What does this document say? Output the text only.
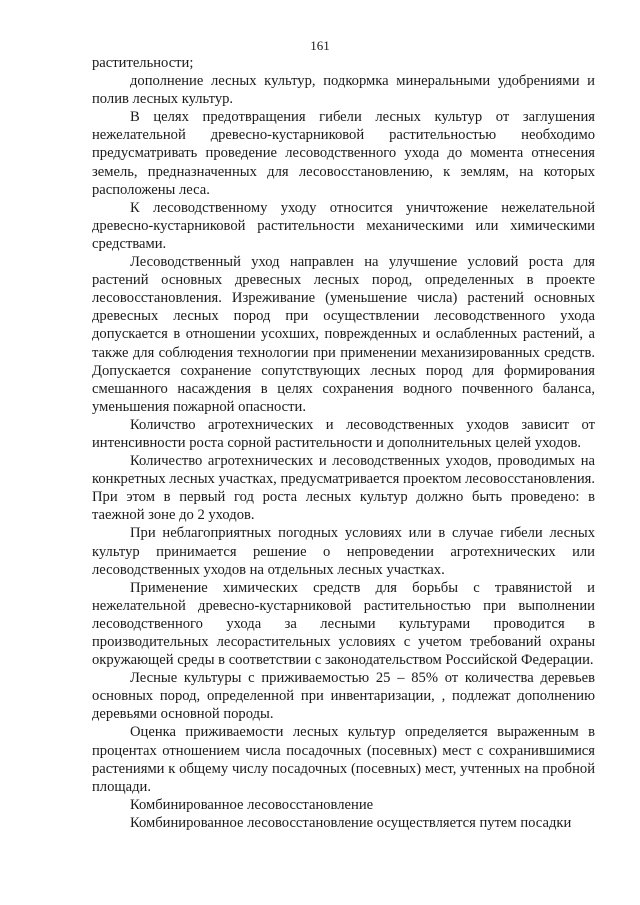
161

растительности;

дополнение лесных культур, подкормка минеральными удобрениями и полив лесных культур.

В целях предотвращения гибели лесных культур от заглушения нежелательной древесно-кустарниковой растительностью необходимо предусматривать проведение лесоводственного ухода до момента отнесения земель, предназначенных для лесовосстановлению, к землям, на которых расположены леса.

К лесоводственному уходу относится уничтожение нежелательной древесно-кустарниковой растительности механическими или химическими средствами.

Лесоводственный уход направлен на улучшение условий роста для растений основных древесных лесных пород, определенных в проекте лесовосстановления. Изреживание (уменьшение числа) растений основных древесных лесных пород при осуществлении лесоводственного ухода допускается в отношении усохших, поврежденных и ослабленных растений, а также для соблюдения технологии при применении механизированных средств. Допускается сохранение сопутствующих лесных пород для формирования смешанного насаждения в целях сохранения водного почвенного баланса, уменьшения пожарной опасности.

Количство агротехнических и лесоводственных уходов зависит от интенсивности роста сорной растительности и дополнительных целей уходов.

Количество агротехнических и лесоводственных уходов, проводимых на конкретных лесных участках, предусматривается проектом лесовосстановления. При этом в первый год роста лесных культур должно быть проведено: в таежной зоне до 2 уходов.

При неблагоприятных погодных условиях или в случае гибели лесных культур принимается решение о непроведении агротехнических или лесоводственных уходов на отдельных лесных участках.

Применение химических средств для борьбы с травянистой и нежелательной древесно-кустарниковой растительностью при выполнении лесоводственного ухода за лесными культурами проводится в производительных лесорастительных условиях с учетом требований охраны окружающей среды в соответствии с законодательством Российской Федерации.

Лесные культуры с приживаемостью 25 – 85% от количества деревьев основных пород, определенной при инвентаризации, , подлежат дополнению деревьями основной породы.

Оценка приживаемости лесных культур определяется выраженным в процентах отношением числа посадочных (посевных) мест с сохранившимися растениями к общему числу посадочных (посевных) мест, учтенных на пробной площади.

Комбинированное лесовосстановление

Комбинированное лесовосстановление осуществляется путем посадки
